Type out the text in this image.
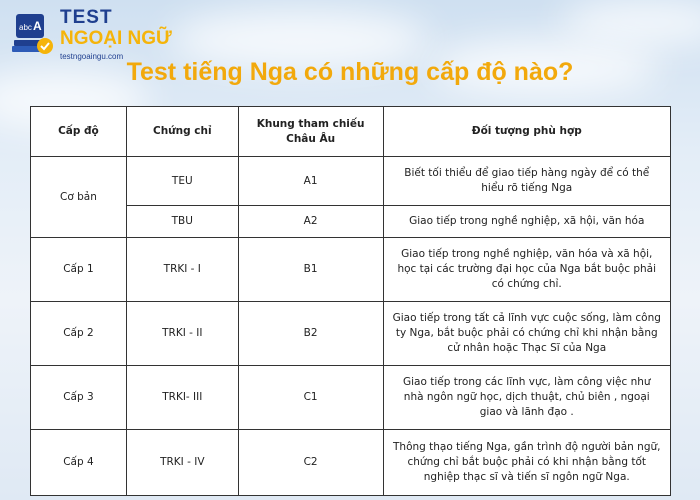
abc A TEST
NGOẠI NGỮ
testngoaingu.com
Test tiếng Nga có những cấp độ nào?
Cấp độ	Chứng chỉ	Khung tham chiếu Châu Âu	Đối tượng phù hợp
Cơ bản	TEU	A1	Biết tối thiểu để giao tiếp hàng ngày để có thể hiểu rõ tiếng Nga
	TBU	A2	Giao tiếp trong nghề nghiệp, xã hội, văn hóa
Cấp 1	TRKI - I	B1	Giao tiếp trong nghề nghiệp, văn hóa và xã hội, học tại các trường đại học của Nga bắt buộc phải có chứng chỉ.
Cấp 2	TRKI - II	B2	Giao tiếp trong tất cả lĩnh vực cuộc sống, làm công ty Nga, bắt buộc phải có chứng chỉ khi nhận bằng cử nhân hoặc Thạc Sĩ của Nga
Cấp 3	TRKI- III	C1	Giao tiếp trong các lĩnh vực, làm công việc như nhà ngôn ngữ học, dịch thuật, chủ biên , ngoại giao và lãnh đạo .
Cấp 4	TRKI - IV	C2	Thông thạo tiếng Nga, gần trình độ người bản ngữ, chứng chỉ bắt buộc phải có khi nhận bằng tốt nghiệp thạc sĩ và tiến sĩ ngôn ngữ Nga.
